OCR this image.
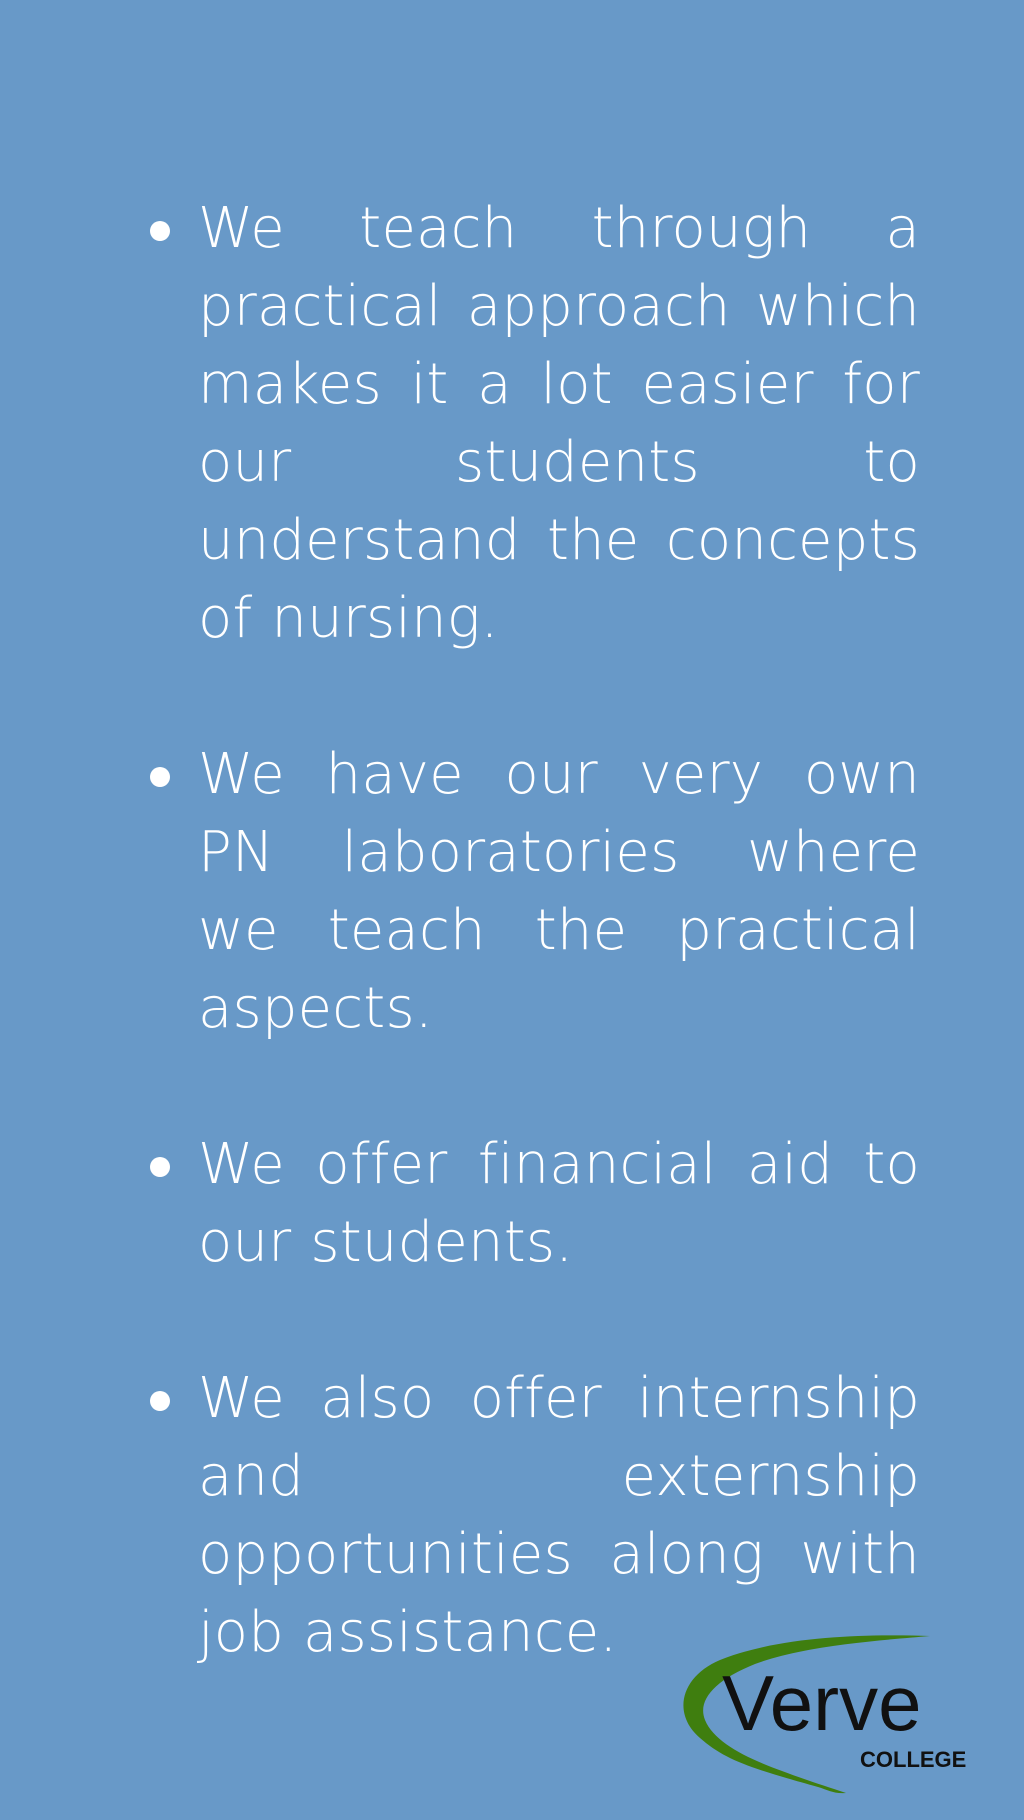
We teach through a practical approach which makes it a lot easier for our students to understand the concepts of nursing.
We have our very own PN laboratories where we teach the practical aspects.
We offer financial aid to our students.
We also offer internship and externship opportunities along with job assistance.
Verve
COLLEGE
